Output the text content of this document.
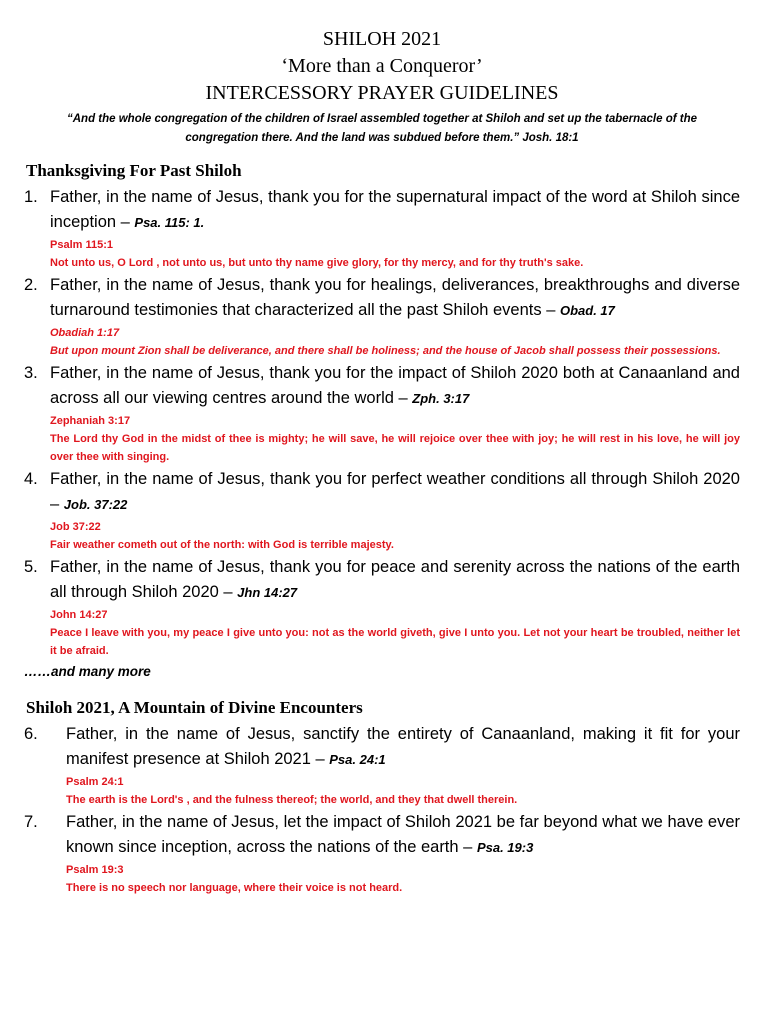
SHILOH 2021

‘More than a Conqueror’

INTERCESSORY PRAYER GUIDELINES

“And the whole congregation of the children of Israel assembled together at Shiloh and set up the tabernacle of the congregation there. And the land was subdued before them.” Josh. 18:1

Thanksgiving For Past Shiloh
1. Father, in the name of Jesus, thank you for the supernatural impact of the word at Shiloh since inception – Psa. 115: 1.
Psalm 115:1
Not unto us, O Lord , not unto us, but unto thy name give glory, for thy mercy, and for thy truth's sake.
2. Father, in the name of Jesus, thank you for healings, deliverances, breakthroughs and diverse turnaround testimonies that characterized all the past Shiloh events – Obad. 17
Obadiah 1:17
But upon mount Zion shall be deliverance, and there shall be holiness; and the house of Jacob shall possess their possessions.
3. Father, in the name of Jesus, thank you for the impact of Shiloh 2020 both at Canaanland and across all our viewing centres around the world – Zph. 3:17
Zephaniah 3:17
The Lord thy God in the midst of thee is mighty; he will save, he will rejoice over thee with joy; he will rest in his love, he will joy over thee with singing.
4. Father, in the name of Jesus, thank you for perfect weather conditions all through Shiloh 2020 – Job. 37:22
Job 37:22
Fair weather cometh out of the north: with God is terrible majesty.
5. Father, in the name of Jesus, thank you for peace and serenity across the nations of the earth all through Shiloh 2020 – Jhn 14:27
John 14:27
Peace I leave with you, my peace I give unto you: not as the world giveth, give I unto you. Let not your heart be troubled, neither let it be afraid.
……and many more
Shiloh 2021, A Mountain of Divine Encounters
6.	Father, in the name of Jesus, sanctify the entirety of Canaanland, making it fit for your manifest presence at Shiloh 2021 – Psa. 24:1
Psalm 24:1
The earth is the Lord's , and the fulness thereof; the world, and they that dwell therein.
7.	Father, in the name of Jesus, let the impact of Shiloh 2021 be far beyond what we have ever known since inception, across the nations of the earth – Psa. 19:3
Psalm 19:3
There is no speech nor language, where their voice is not heard.
